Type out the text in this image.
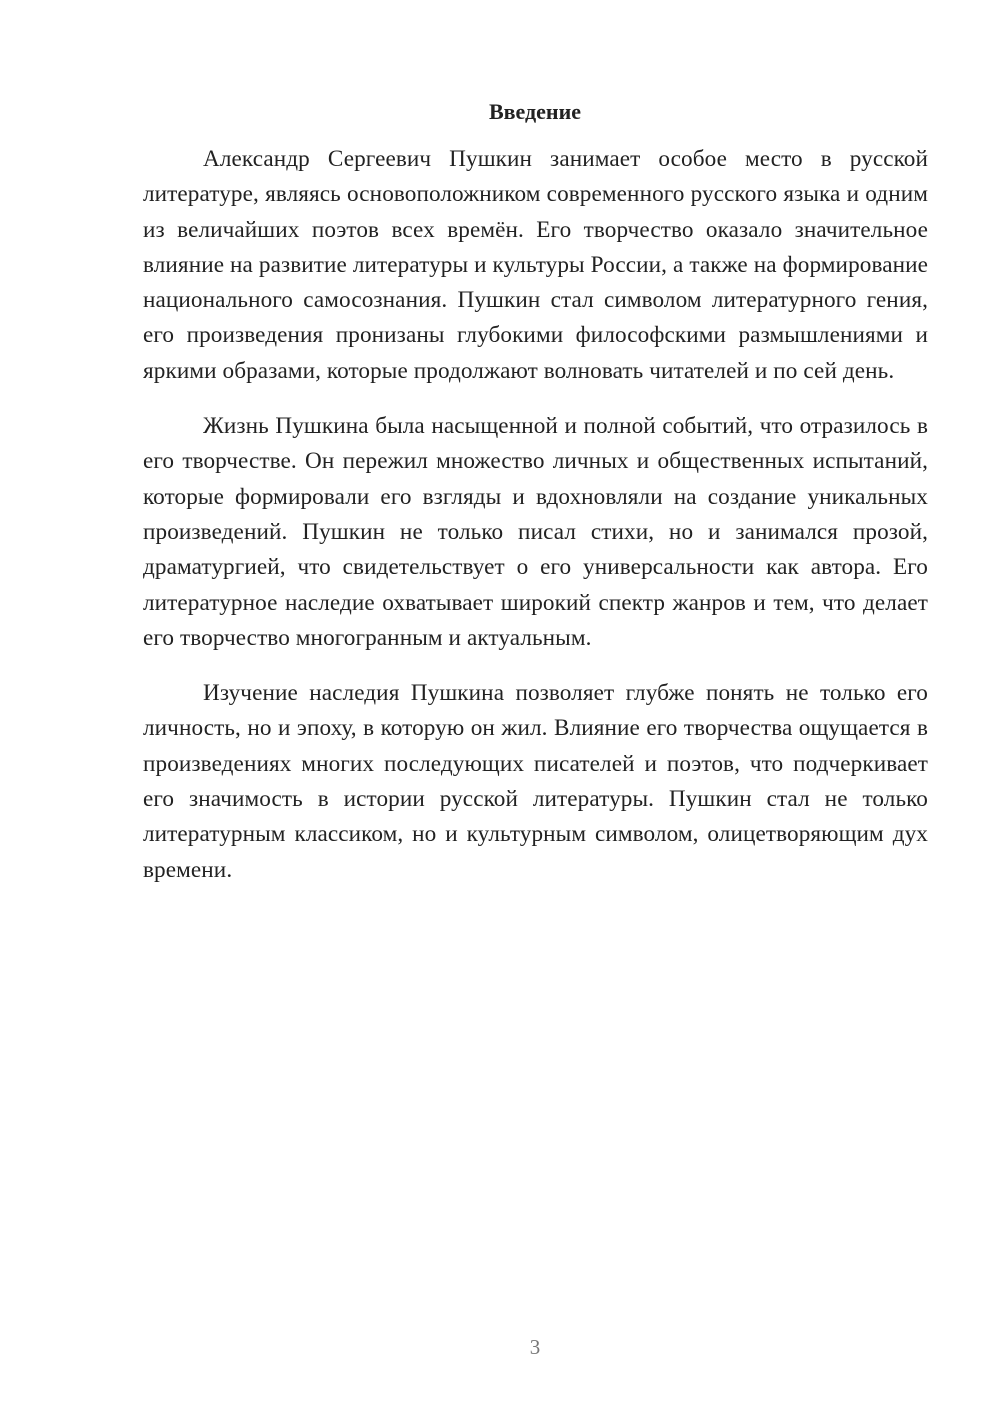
Введение

Александр Сергеевич Пушкин занимает особое место в русской литературе, являясь основоположником современного русского языка и одним из величайших поэтов всех времён. Его творчество оказало значительное влияние на развитие литературы и культуры России, а также на формирование национального самосознания. Пушкин стал символом литературного гения, его произведения пронизаны глубокими философскими размышлениями и яркими образами, которые продолжают волновать читателей и по сей день.

Жизнь Пушкина была насыщенной и полной событий, что отразилось в его творчестве. Он пережил множество личных и общественных испытаний, которые формировали его взгляды и вдохновляли на создание уникальных произведений. Пушкин не только писал стихи, но и занимался прозой, драматургией, что свидетельствует о его универсальности как автора. Его литературное наследие охватывает широкий спектр жанров и тем, что делает его творчество многогранным и актуальным.

Изучение наследия Пушкина позволяет глубже понять не только его личность, но и эпоху, в которую он жил. Влияние его творчества ощущается в произведениях многих последующих писателей и поэтов, что подчеркивает его значимость в истории русской литературы. Пушкин стал не только литературным классиком, но и культурным символом, олицетворяющим дух времени.

3
